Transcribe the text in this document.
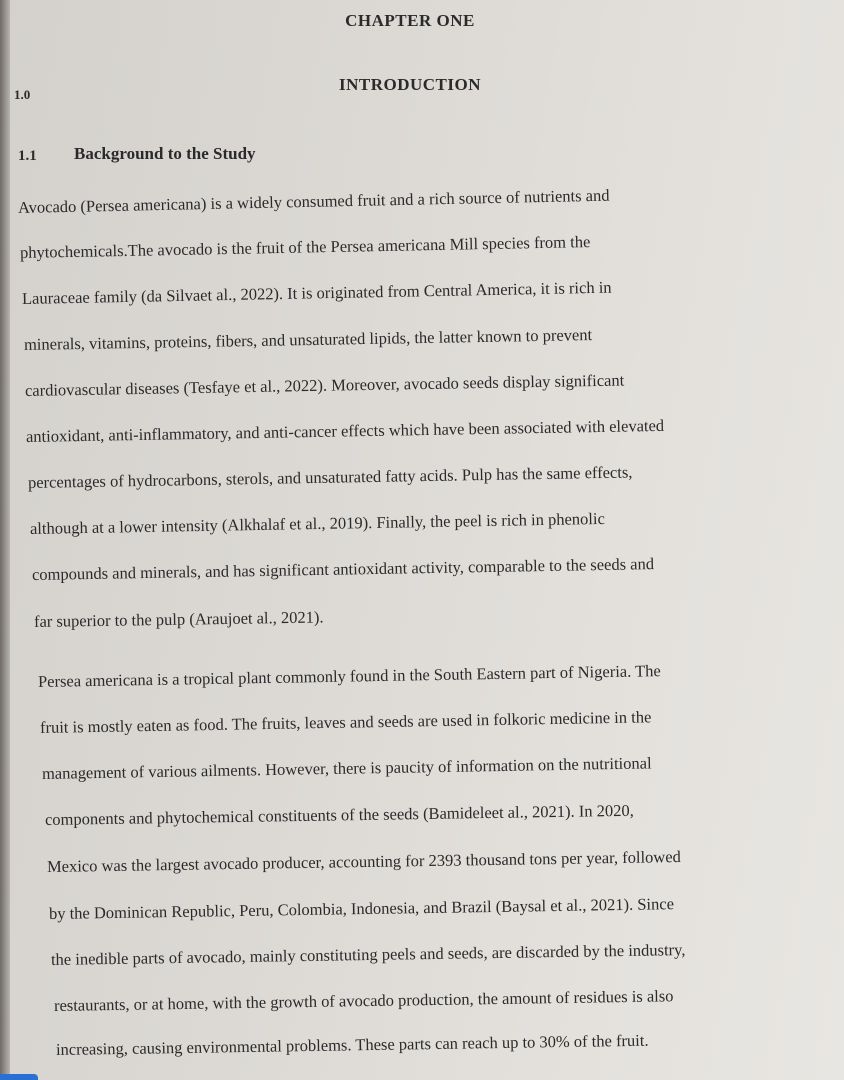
CHAPTER ONE
1.0
INTRODUCTION
1.1 Background to the Study
Avocado (Persea americana) is a widely consumed fruit and a rich source of nutrients and
phytochemicals.The avocado is the fruit of the Persea americana Mill species from the
Lauraceae family (da Silvaet al., 2022). It is originated from Central America, it is rich in
minerals, vitamins, proteins, fibers, and unsaturated lipids, the latter known to prevent
cardiovascular diseases (Tesfaye et al., 2022). Moreover, avocado seeds display significant
antioxidant, anti-inflammatory, and anti-cancer effects which have been associated with elevated
percentages of hydrocarbons, sterols, and unsaturated fatty acids. Pulp has the same effects,
although at a lower intensity (Alkhalaf et al., 2019). Finally, the peel is rich in phenolic
compounds and minerals, and has significant antioxidant activity, comparable to the seeds and
far superior to the pulp (Araujoet al., 2021).
Persea americana is a tropical plant commonly found in the South Eastern part of Nigeria. The
fruit is mostly eaten as food. The fruits, leaves and seeds are used in folkoric medicine in the
management of various ailments. However, there is paucity of information on the nutritional
components and phytochemical constituents of the seeds (Bamideleet al., 2021). In 2020,
Mexico was the largest avocado producer, accounting for 2393 thousand tons per year, followed
by the Dominican Republic, Peru, Colombia, Indonesia, and Brazil (Baysal et al., 2021). Since
the inedible parts of avocado, mainly constituting peels and seeds, are discarded by the industry,
restaurants, or at home, with the growth of avocado production, the amount of residues is also
increasing, causing environmental problems. These parts can reach up to 30% of the fruit.
